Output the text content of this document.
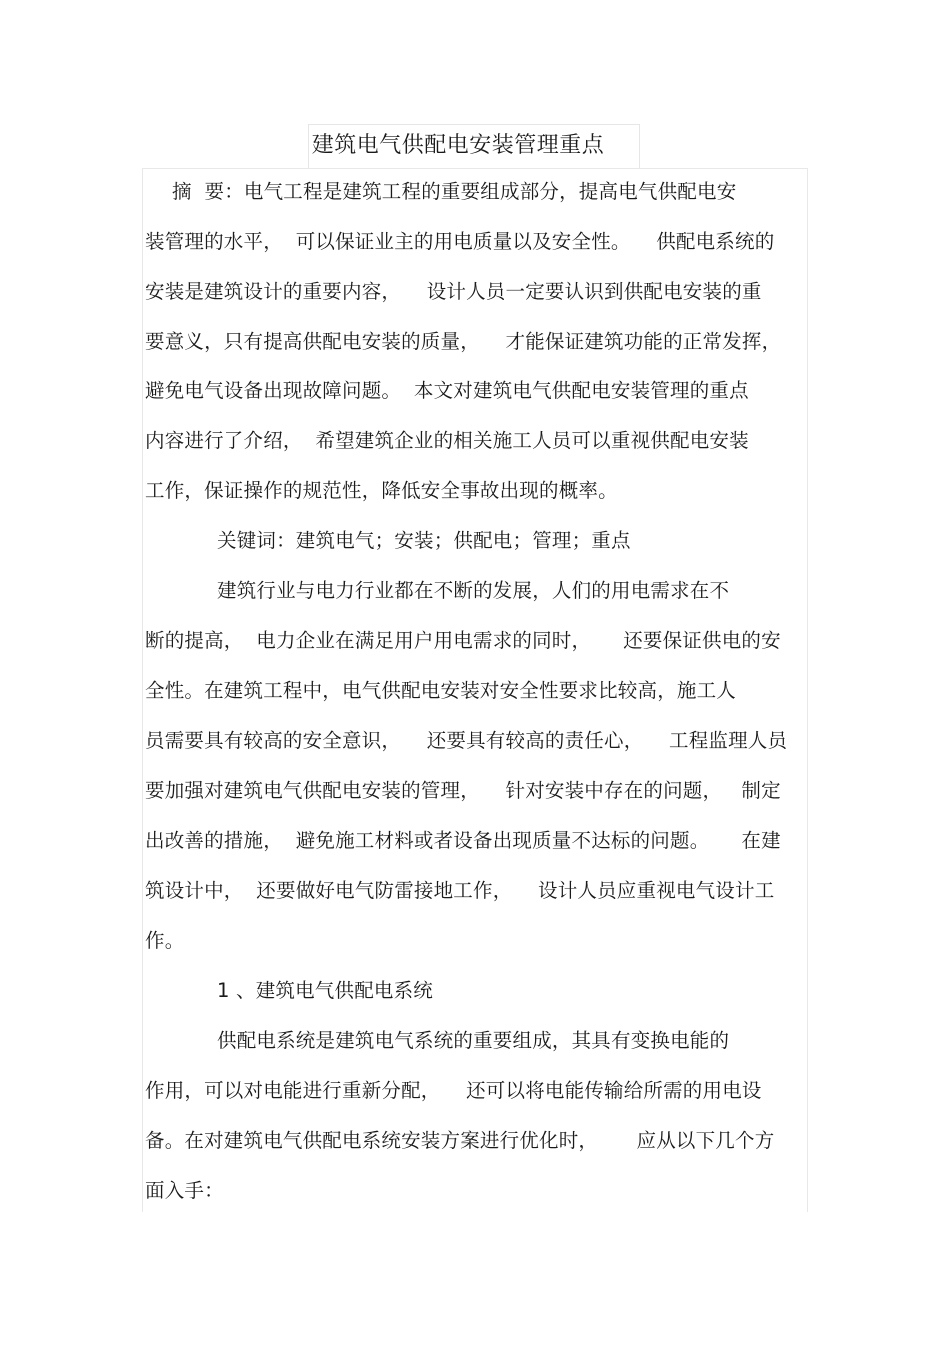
建筑电气供配电安装管理重点
摘  要：电气工程是建筑工程的重要组成部分，提高电气供配电安
装管理的水平，  可以保证业主的用电质量以及安全性。    供配电系统的
安装是建筑设计的重要内容，    设计人员一定要认识到供配电安装的重
要意义，只有提高供配电安装的质量，    才能保证建筑功能的正常发挥，
避免电气设备出现故障问题。  本文对建筑电气供配电安装管理的重点
内容进行了介绍，  希望建筑企业的相关施工人员可以重视供配电安装
工作，保证操作的规范性，降低安全事故出现的概率。
关键词：建筑电气；安装；供配电；管理；重点
建筑行业与电力行业都在不断的发展，人们的用电需求在不
断的提高，  电力企业在满足用户用电需求的同时，     还要保证供电的安
全性。在建筑工程中，电气供配电安装对安全性要求比较高，施工人
员需要具有较高的安全意识，    还要具有较高的责任心，    工程监理人员
要加强对建筑电气供配电安装的管理，    针对安装中存在的问题，   制定
出改善的措施，  避免施工材料或者设备出现质量不达标的问题。     在建
筑设计中，  还要做好电气防雷接地工作，    设计人员应重视电气设计工
作。
1 、建筑电气供配电系统
供配电系统是建筑电气系统的重要组成，其具有变换电能的
作用，可以对电能进行重新分配，    还可以将电能传输给所需的用电设
备。在对建筑电气供配电系统安装方案进行优化时，      应从以下几个方
面入手：
